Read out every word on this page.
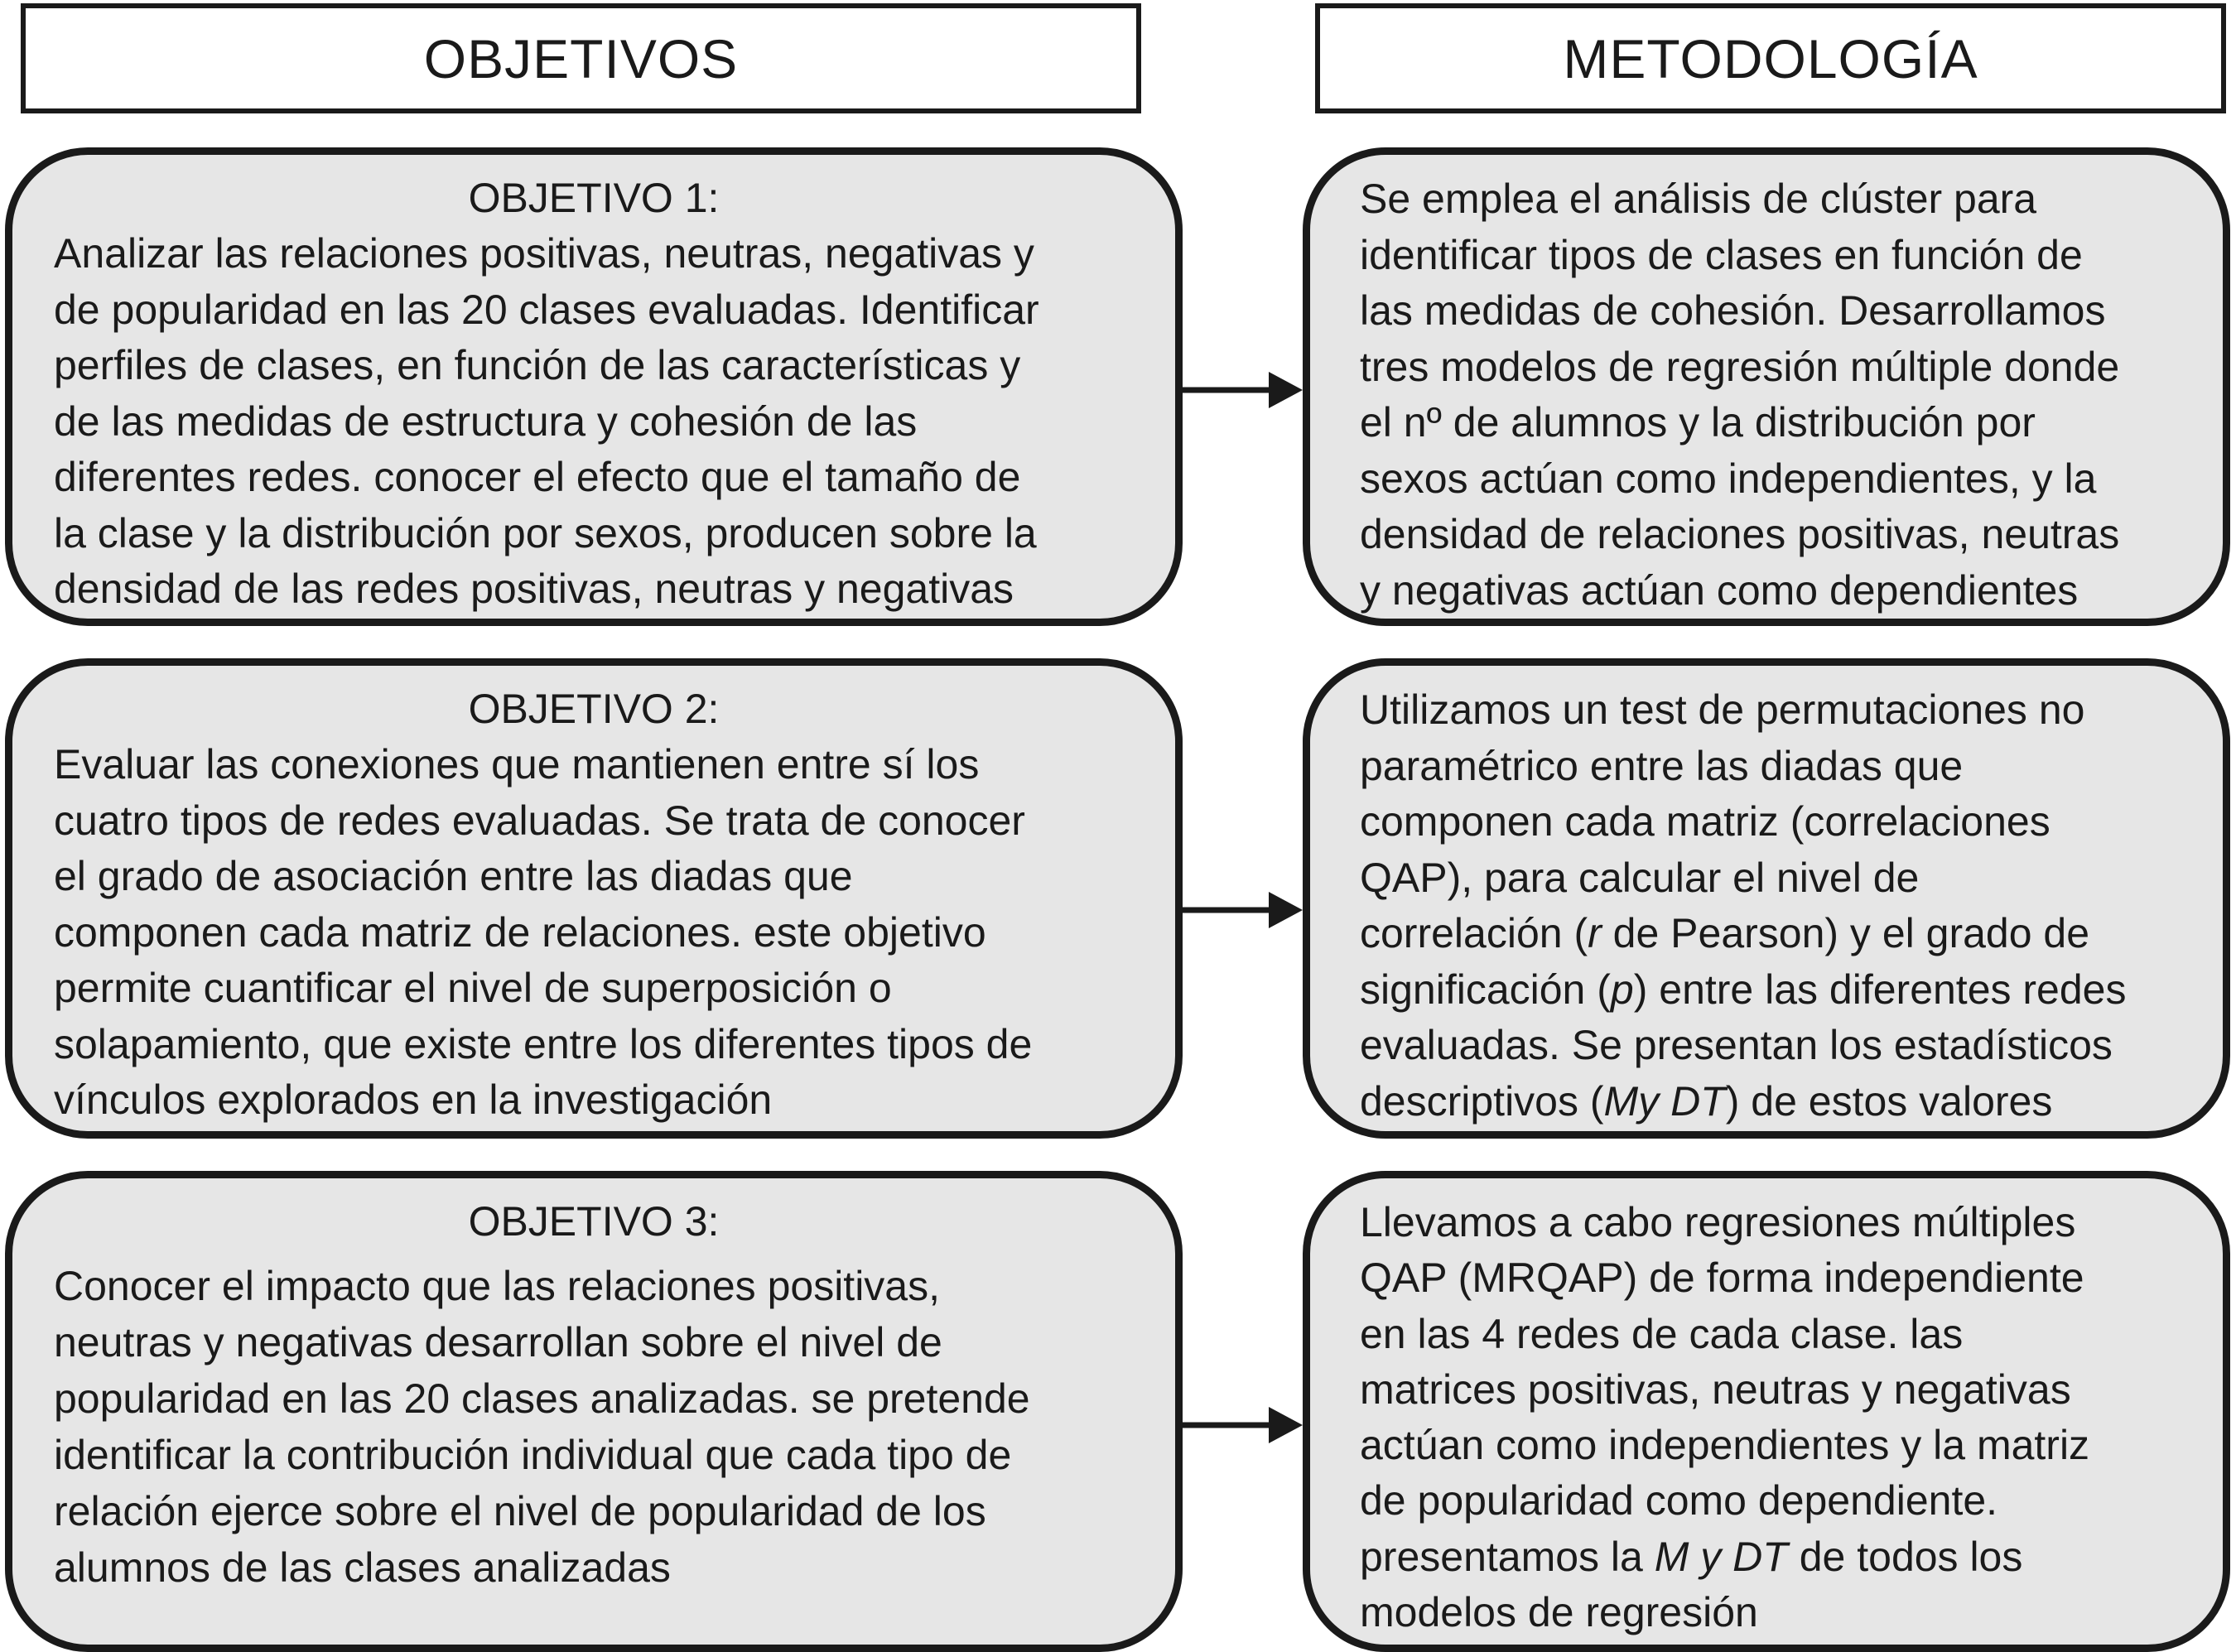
OBJETIVOS	METODOLOGÍA
OBJETIVO 1:
Analizar las relaciones positivas, neutras, negativas y
de popularidad en las 20 clases evaluadas. Identificar
perfiles de clases, en función de las características y
de las medidas de estructura y cohesión de las
diferentes redes. conocer el efecto que el tamaño de
la clase y la distribución por sexos, producen sobre la
densidad de las redes positivas, neutras y negativas
Se emplea el análisis de clúster para
identificar tipos de clases en función de
las medidas de cohesión. Desarrollamos
tres modelos de regresión múltiple donde
el nº de alumnos y la distribución por
sexos actúan como independientes, y la
densidad de relaciones positivas, neutras
y negativas actúan como dependientes
OBJETIVO 2:
Evaluar las conexiones que mantienen entre sí los
cuatro tipos de redes evaluadas. Se trata de conocer
el grado de asociación entre las diadas que
componen cada matriz de relaciones. este objetivo
permite cuantificar el nivel de superposición o
solapamiento, que existe entre los diferentes tipos de
vínculos explorados en la investigación
Utilizamos un test de permutaciones no
paramétrico entre las diadas que
componen cada matriz (correlaciones
QAP), para calcular el nivel de
correlación (r de Pearson) y el grado de
significación (p) entre las diferentes redes
evaluadas. Se presentan los estadísticos
descriptivos (My DT) de estos valores
OBJETIVO 3:
Conocer el impacto que las relaciones positivas,
neutras y negativas desarrollan sobre el nivel de
popularidad en las 20 clases analizadas. se pretende
identificar la contribución individual que cada tipo de
relación ejerce sobre el nivel de popularidad de los
alumnos de las clases analizadas
Llevamos a cabo regresiones múltiples
QAP (MRQAP) de forma independiente
en las 4 redes de cada clase. las
matrices positivas, neutras y negativas
actúan como independientes y la matriz
de popularidad como dependiente.
presentamos la M y DT de todos los
modelos de regresión
